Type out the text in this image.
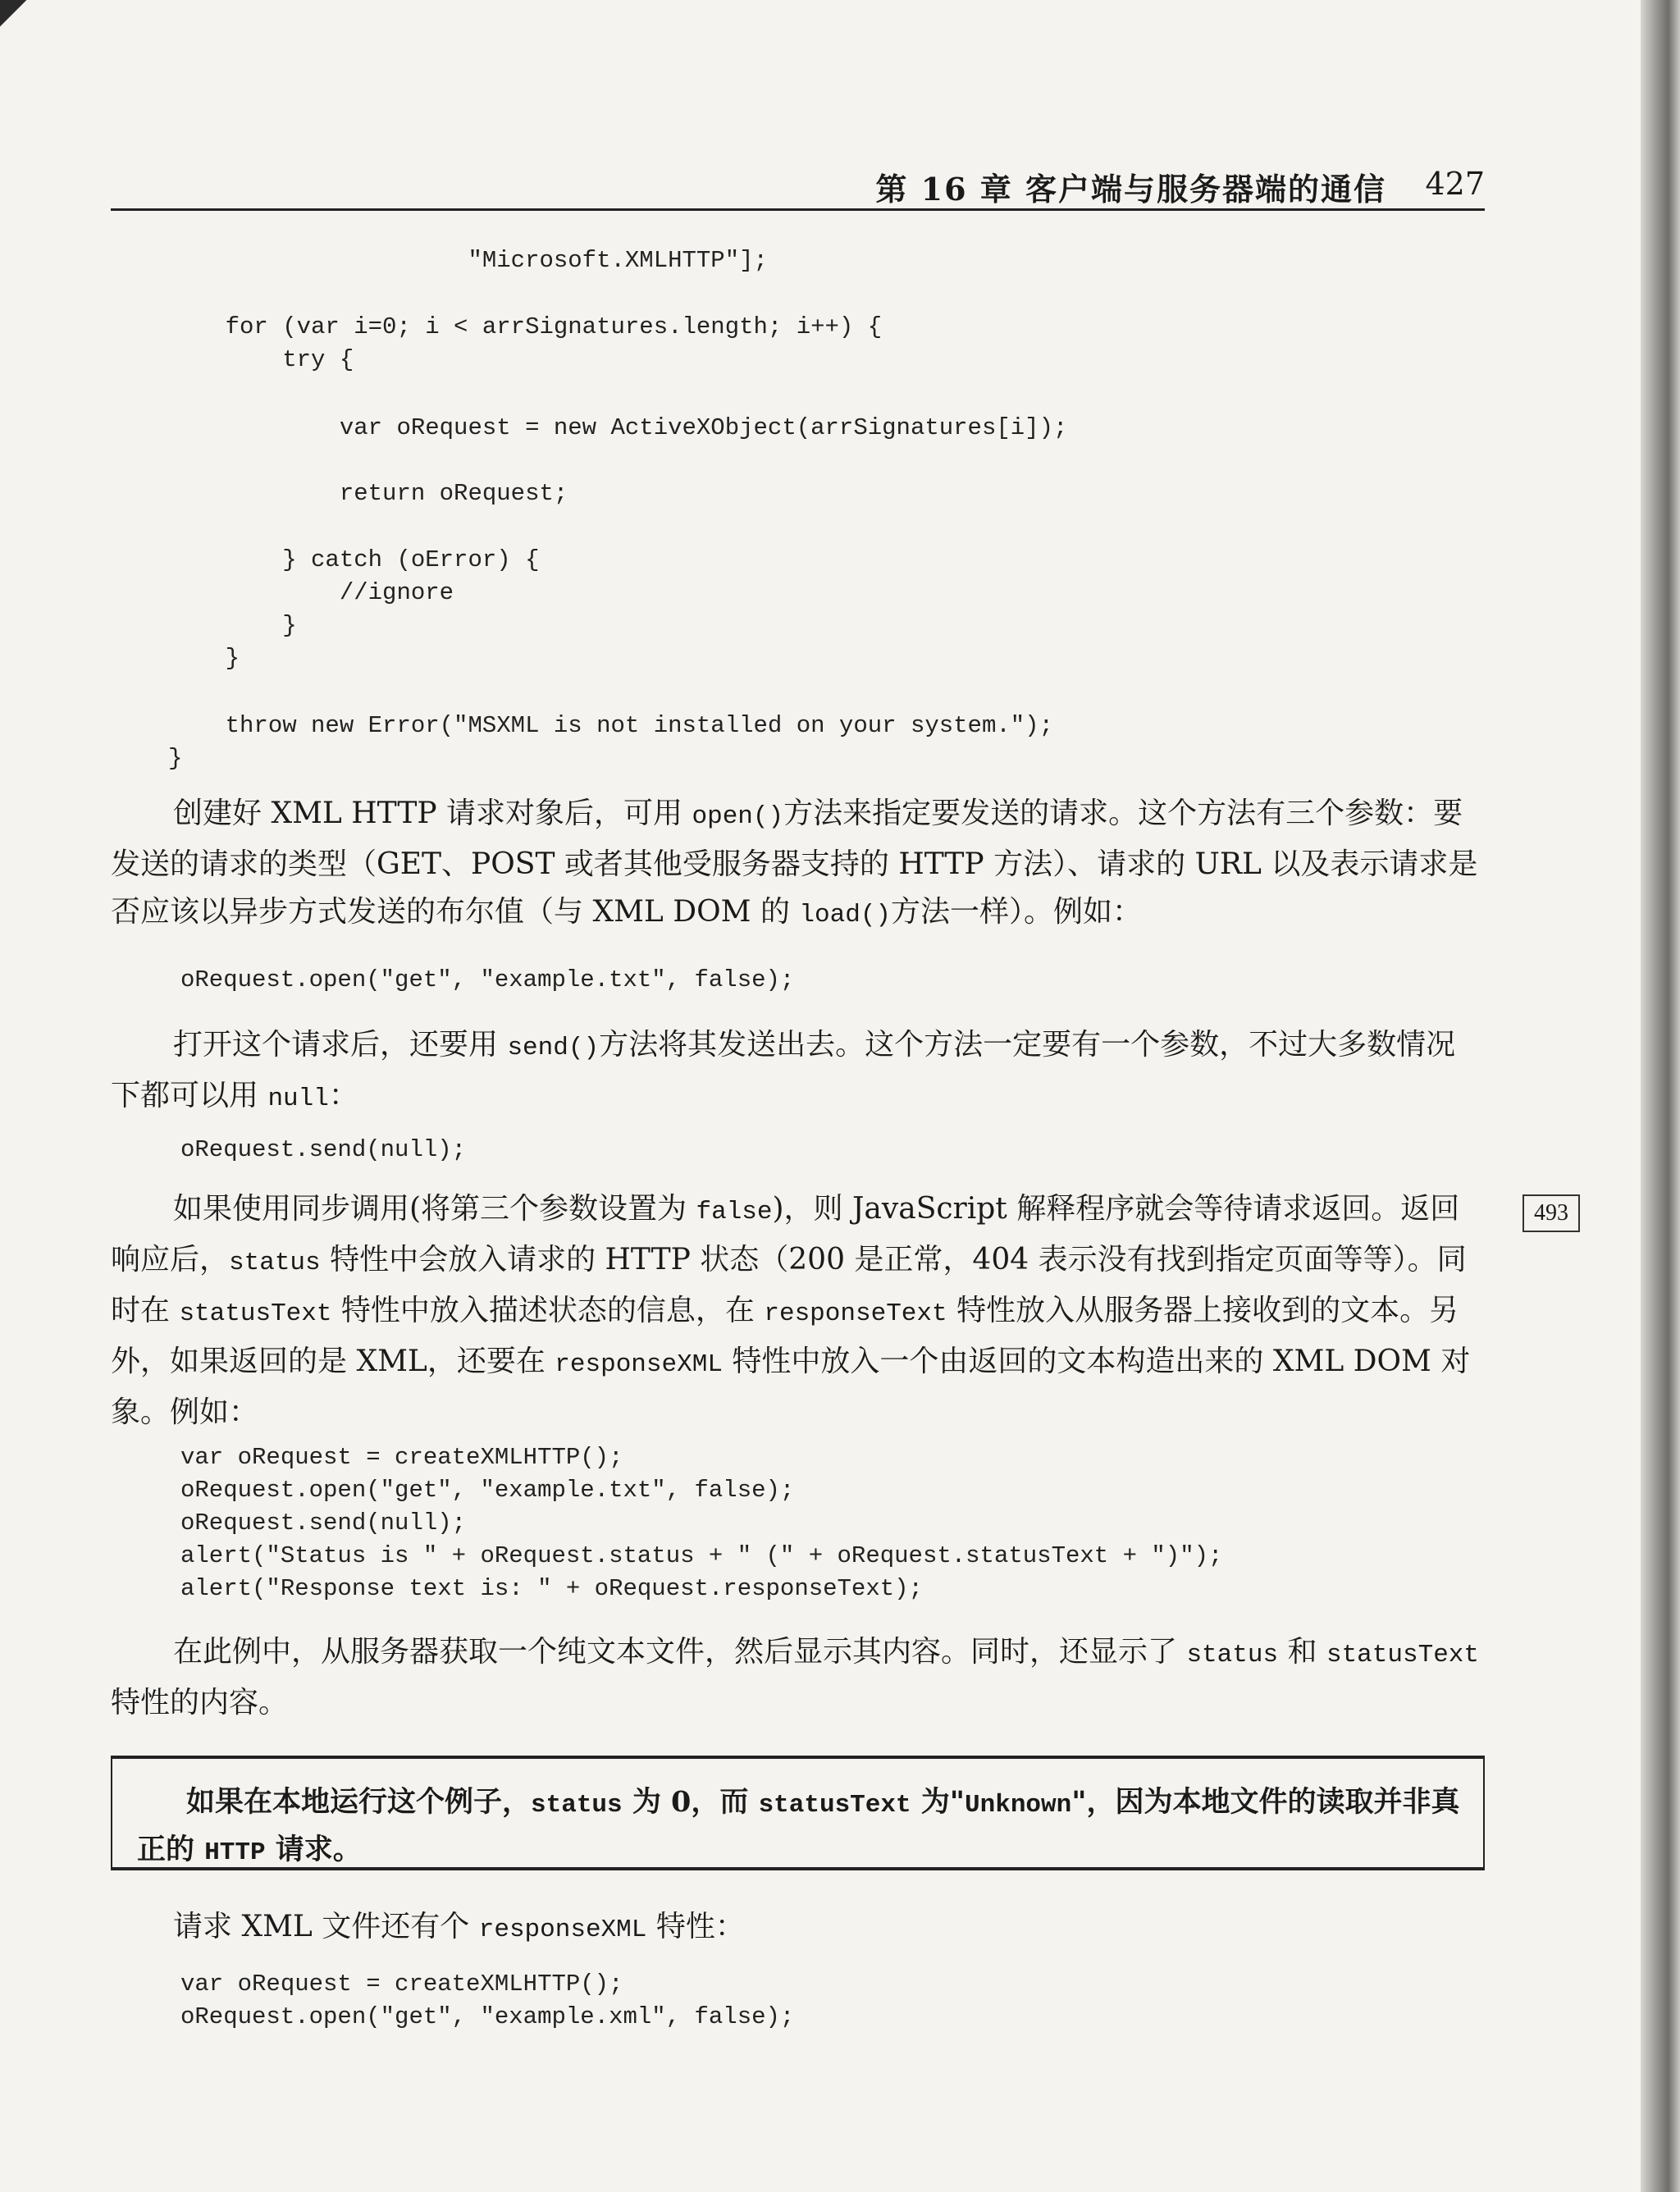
第 16 章 客户端与服务器端的通信 427
"Microsoft.XMLHTTP"];
for (var i=0; i < arrSignatures.length; i++) {
try {
var oRequest = new ActiveXObject(arrSignatures[i]);
return oRequest;
} catch (oError) {
//ignore
}
}
throw new Error("MSXML is not installed on your system.");
}

创建好 XML HTTP 请求对象后，可用 open()方法来指定要发送的请求。这个方法有三个参数：要发送的请求的类型（GET、POST 或者其他受服务器支持的 HTTP 方法）、请求的 URL 以及表示请求是否应该以异步方式发送的布尔值（与 XML DOM 的 load()方法一样）。例如：

oRequest.open("get", "example.txt", false);

打开这个请求后，还要用 send()方法将其发送出去。这个方法一定要有一个参数，不过大多数情况下都可以用 null：

oRequest.send(null);

如果使用同步调用(将第三个参数设置为 false)，则 JavaScript 解释程序就会等待请求返回。返回响应后，status 特性中会放入请求的 HTTP 状态（200 是正常，404 表示没有找到指定页面等等）。同时在 statusText 特性中放入描述状态的信息，在 responseText 特性放入从服务器上接收到的文本。另外，如果返回的是 XML，还要在 responseXML 特性中放入一个由返回的文本构造出来的 XML DOM 对象。例如：

493
var oRequest = createXMLHTTP();
oRequest.open("get", "example.txt", false);
oRequest.send(null);
alert("Status is " + oRequest.status + " (" + oRequest.statusText + ")");
alert("Response text is: " + oRequest.responseText);

在此例中，从服务器获取一个纯文本文件，然后显示其内容。同时，还显示了 status 和 statusText 特性的内容。

如果在本地运行这个例子，status 为 0，而 statusText 为"Unknown"，因为本地文件的读取并非真正的 HTTP 请求。

请求 XML 文件还有个 responseXML 特性：

var oRequest = createXMLHTTP();
oRequest.open("get", "example.xml", false);
